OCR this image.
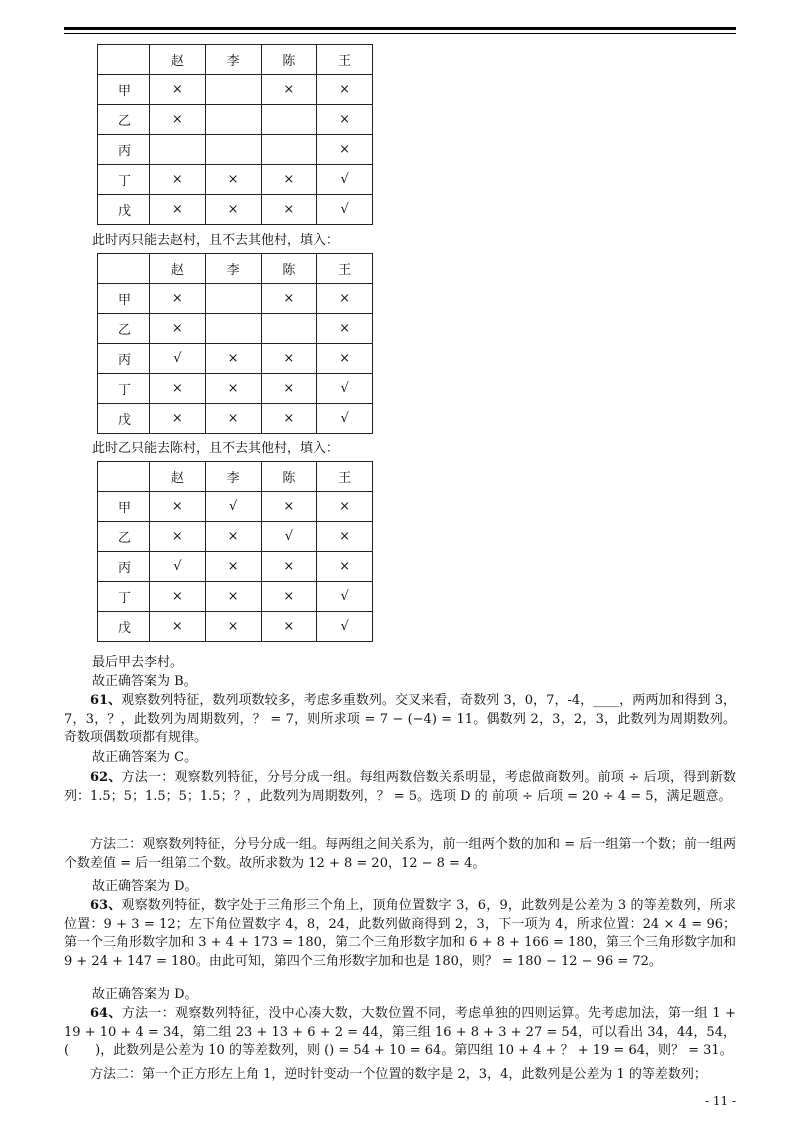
	赵	李	陈	王
甲	×		×	×
乙	×			×
丙				×
丁	×	×	×	√
戊	×	×	×	√
此时丙只能去赵村，且不去其他村，填入：
	赵	李	陈	王
甲	×		×	×
乙	×			×
丙	√	×	×	×
丁	×	×	×	√
戊	×	×	×	√
此时乙只能去陈村，且不去其他村，填入：
	赵	李	陈	王
甲	×	√	×	×
乙	×	×	√	×
丙	√	×	×	×
丁	×	×	×	√
戊	×	×	×	√
最后甲去李村。
故正确答案为 B。
61、观察数列特征，数列项数较多，考虑多重数列。交叉来看，奇数列 3，0，7，-4，____，两两加和得到 3，7，3，？，此数列为周期数列，？ = 7，则所求项 = 7 − (−4) = 11。偶数列 2，3，2，3，此数列为周期数列。奇数项偶数项都有规律。
故正确答案为 C。
62、方法一：观察数列特征，分号分成一组。每组两数倍数关系明显，考虑做商数列。前项 ÷ 后项，得到新数列：1.5；5；1.5；5；1.5；？，此数列为周期数列，？ = 5。选项 D 的 前项 ÷ 后项 = 20 ÷ 4 = 5，满足题意。
方法二：观察数列特征，分号分成一组。每两组之间关系为，前一组两个数的加和 = 后一组第一个数；前一组两个数差值 = 后一组第二个数。故所求数为 12 + 8 = 20，12 − 8 = 4。
故正确答案为 D。
63、观察数列特征，数字处于三角形三个角上，顶角位置数字 3，6，9，此数列是公差为 3 的等差数列，所求位置：9 + 3 = 12；左下角位置数字 4，8，24，此数列做商得到 2，3，下一项为 4，所求位置：24 × 4 = 96；第一个三角形数字加和 3 + 4 + 173 = 180，第二个三角形数字加和 6 + 8 + 166 = 180，第三个三角形数字加和 9 + 24 + 147 = 180。由此可知，第四个三角形数字加和也是 180，则？ = 180 − 12 − 96 = 72。
故正确答案为 D。
64、方法一：观察数列特征，没中心凑大数，大数位置不同，考虑单独的四则运算。先考虑加法，第一组 1 + 19 + 10 + 4 = 34，第二组 23 + 13 + 6 + 2 = 44，第三组 16 + 8 + 3 + 27 = 54，可以看出 34，44，54，(　　)，此数列是公差为 10 的等差数列，则 () = 54 + 10 = 64。第四组 10 + 4 + ？ + 19 = 64，则？ = 31。
方法二：第一个正方形左上角 1，逆时针变动一个位置的数字是 2，3，4，此数列是公差为 1 的等差数列；
- 11 -
